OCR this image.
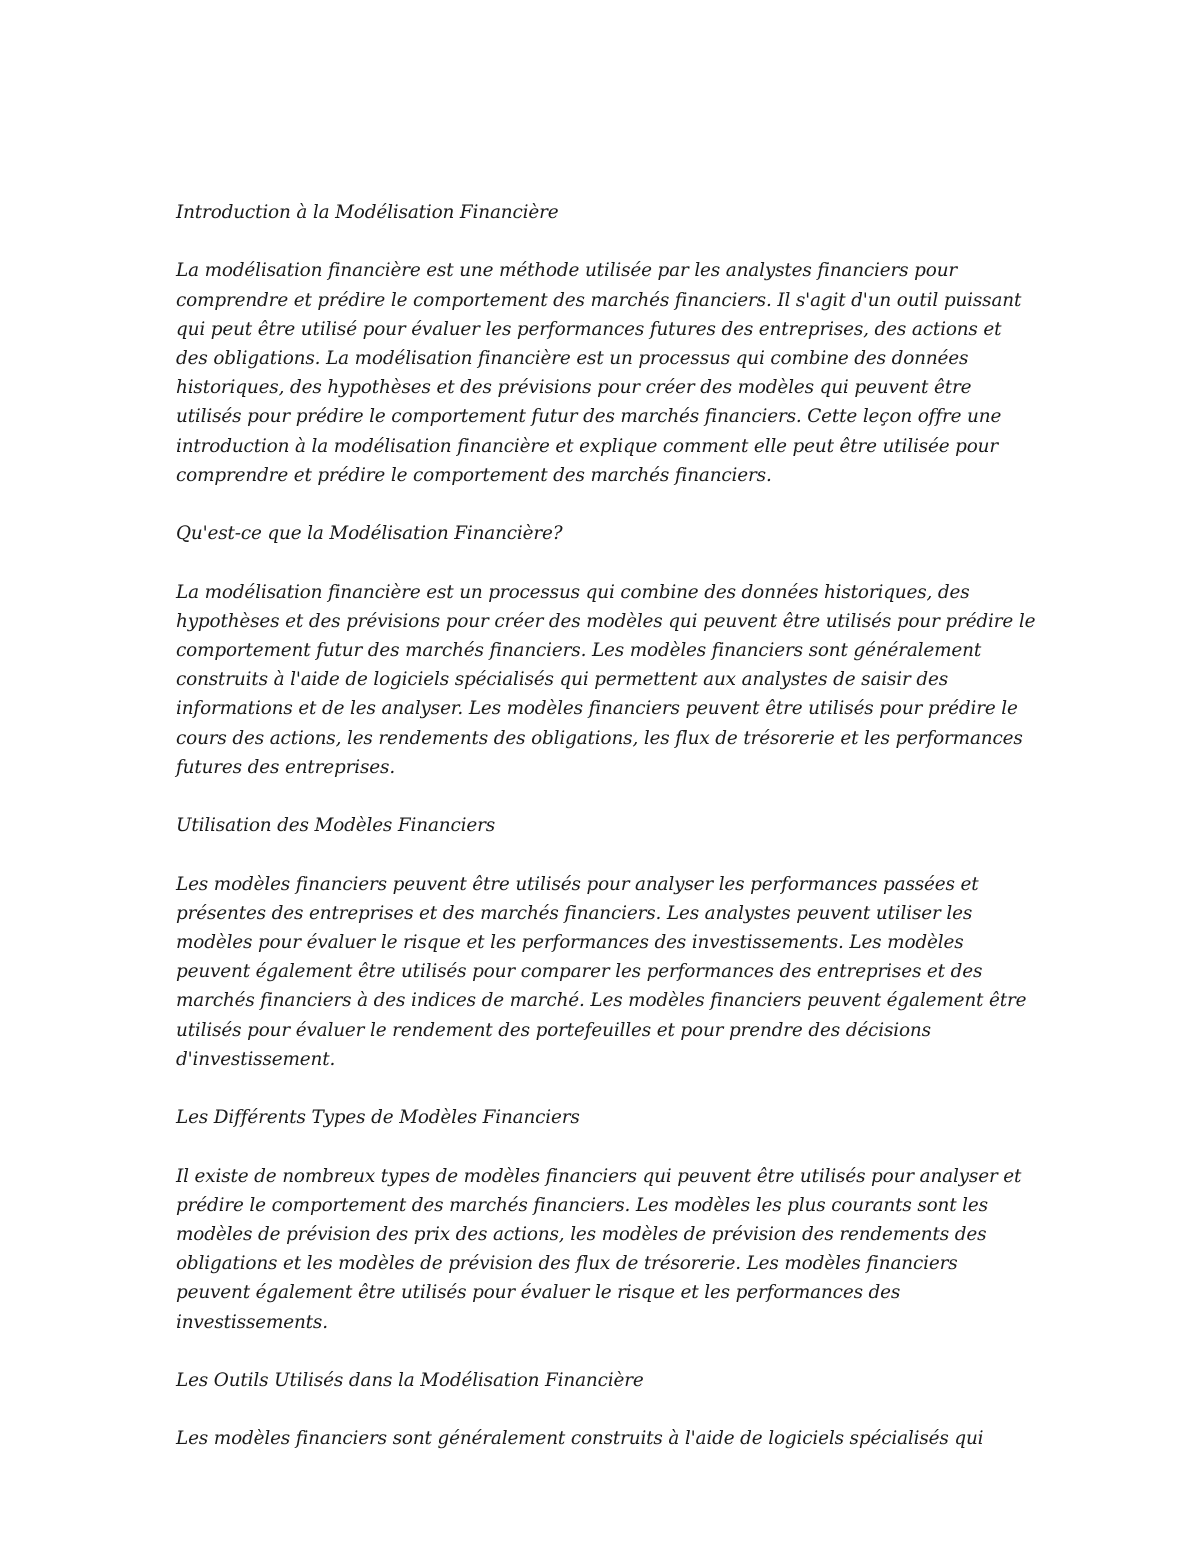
Introduction à la Modélisation Financière
La modélisation financière est une méthode utilisée par les analystes financiers pour comprendre et prédire le comportement des marchés financiers. Il s'agit d'un outil puissant qui peut être utilisé pour évaluer les performances futures des entreprises, des actions et des obligations. La modélisation financière est un processus qui combine des données historiques, des hypothèses et des prévisions pour créer des modèles qui peuvent être utilisés pour prédire le comportement futur des marchés financiers. Cette leçon offre une introduction à la modélisation financière et explique comment elle peut être utilisée pour comprendre et prédire le comportement des marchés financiers.
Qu'est-ce que la Modélisation Financière?
La modélisation financière est un processus qui combine des données historiques, des hypothèses et des prévisions pour créer des modèles qui peuvent être utilisés pour prédire le comportement futur des marchés financiers. Les modèles financiers sont généralement construits à l'aide de logiciels spécialisés qui permettent aux analystes de saisir des informations et de les analyser. Les modèles financiers peuvent être utilisés pour prédire le cours des actions, les rendements des obligations, les flux de trésorerie et les performances futures des entreprises.
Utilisation des Modèles Financiers
Les modèles financiers peuvent être utilisés pour analyser les performances passées et présentes des entreprises et des marchés financiers. Les analystes peuvent utiliser les modèles pour évaluer le risque et les performances des investissements. Les modèles peuvent également être utilisés pour comparer les performances des entreprises et des marchés financiers à des indices de marché. Les modèles financiers peuvent également être utilisés pour évaluer le rendement des portefeuilles et pour prendre des décisions d'investissement.
Les Différents Types de Modèles Financiers
Il existe de nombreux types de modèles financiers qui peuvent être utilisés pour analyser et prédire le comportement des marchés financiers. Les modèles les plus courants sont les modèles de prévision des prix des actions, les modèles de prévision des rendements des obligations et les modèles de prévision des flux de trésorerie. Les modèles financiers peuvent également être utilisés pour évaluer le risque et les performances des investissements.
Les Outils Utilisés dans la Modélisation Financière
Les modèles financiers sont généralement construits à l'aide de logiciels spécialisés qui
